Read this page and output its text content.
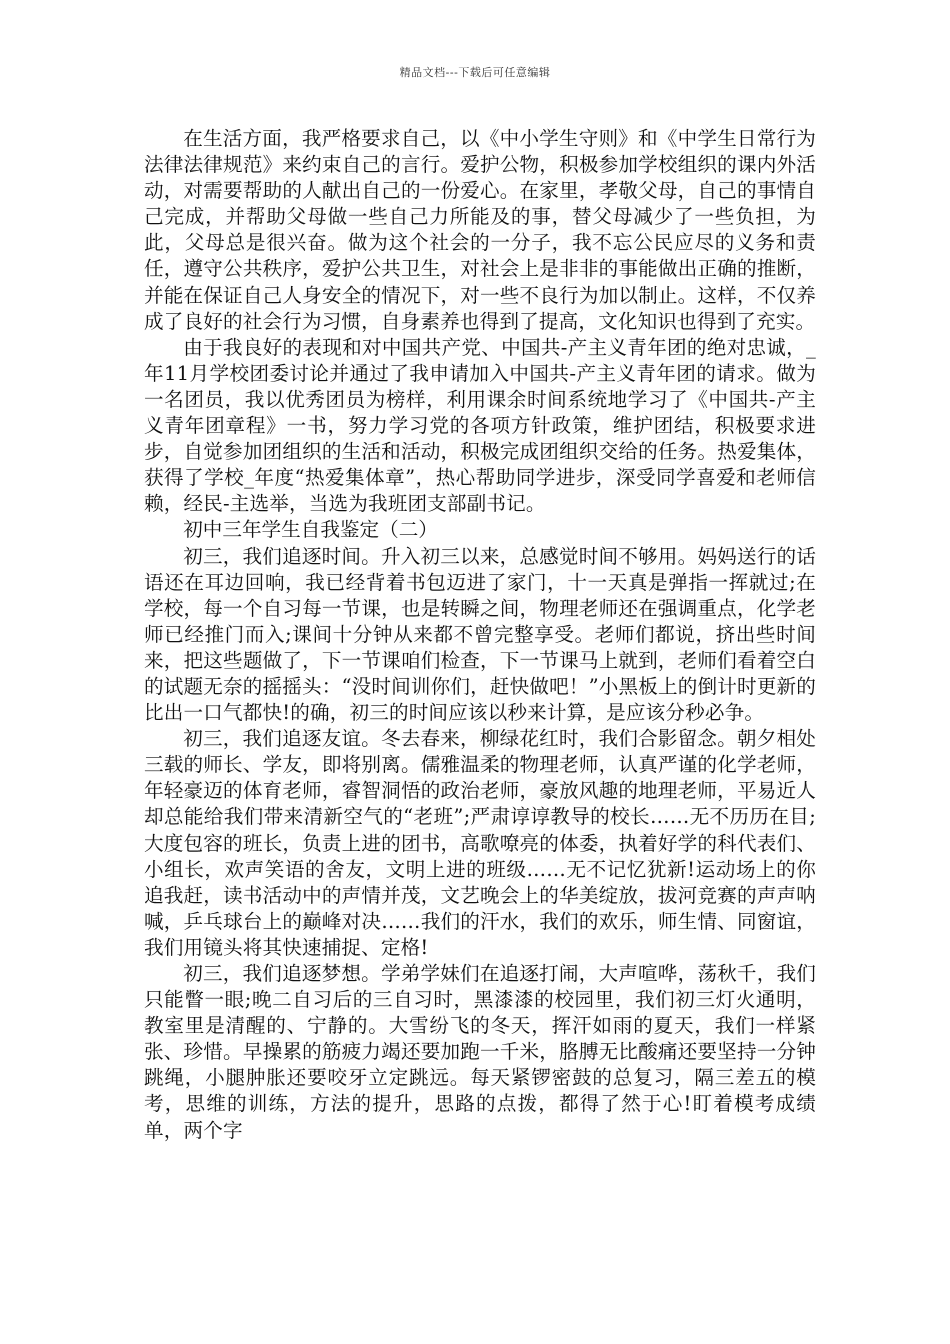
精品文档---下载后可任意编辑

在生活方面，我严格要求自己，以《中小学生守则》和《中学生日常行为法律法律规范》来约束自己的言行。爱护公物，积极参加学校组织的课内外活动，对需要帮助的人献出自己的一份爱心。在家里，孝敬父母，自己的事情自己完成，并帮助父母做一些自己力所能及的事，替父母减少了一些负担，为此，父母总是很兴奋。做为这个社会的一分子，我不忘公民应尽的义务和责任，遵守公共秩序，爱护公共卫生，对社会上是非非的事能做出正确的推断，并能在保证自己人身安全的情况下，对一些不良行为加以制止。这样，不仅养成了良好的社会行为习惯，自身素养也得到了提高，文化知识也得到了充实。

由于我良好的表现和对中国共产党、中国共-产主义青年团的绝对忠诚，_年11月学校团委讨论并通过了我申请加入中国共-产主义青年团的请求。做为一名团员，我以优秀团员为榜样，利用课余时间系统地学习了《中国共-产主义青年团章程》一书，努力学习党的各项方针政策，维护团结，积极要求进步，自觉参加团组织的生活和活动，积极完成团组织交给的任务。热爱集体，获得了学校_年度“热爱集体章”，热心帮助同学进步，深受同学喜爱和老师信赖，经民-主选举，当选为我班团支部副书记。

初中三年学生自我鉴定（二）

初三，我们追逐时间。升入初三以来，总感觉时间不够用。妈妈送行的话语还在耳边回响，我已经背着书包迈进了家门，十一天真是弹指一挥就过;在学校，每一个自习每一节课，也是转瞬之间，物理老师还在强调重点，化学老师已经推门而入;课间十分钟从来都不曾完整享受。老师们都说，挤出些时间来，把这些题做了，下一节课咱们检查，下一节课马上就到，老师们看着空白的试题无奈的摇摇头：“没时间训你们，赶快做吧！”小黑板上的倒计时更新的比出一口气都快!的确，初三的时间应该以秒来计算，是应该分秒必争。

初三，我们追逐友谊。冬去春来，柳绿花红时，我们合影留念。朝夕相处三载的师长、学友，即将别离。儒雅温柔的物理老师，认真严谨的化学老师，年轻豪迈的体育老师，睿智洞悟的政治老师，豪放风趣的地理老师，平易近人却总能给我们带来清新空气的“老班”;严肃谆谆教导的校长……无不历历在目;大度包容的班长，负责上进的团书，高歌嘹亮的体委，执着好学的科代表们、小组长，欢声笑语的舍友，文明上进的班级……无不记忆犹新!运动场上的你追我赶，读书活动中的声情并茂，文艺晚会上的华美绽放，拔河竞赛的声声呐喊，乒乓球台上的巅峰对决……我们的汗水，我们的欢乐，师生情、同窗谊，我们用镜头将其快速捕捉、定格!

初三，我们追逐梦想。学弟学妹们在追逐打闹，大声喧哗，荡秋千，我们只能瞥一眼;晚二自习后的三自习时，黑漆漆的校园里，我们初三灯火通明，教室里是清醒的、宁静的。大雪纷飞的冬天，挥汗如雨的夏天，我们一样紧张、珍惜。早操累的筋疲力竭还要加跑一千米，胳膊无比酸痛还要坚持一分钟跳绳，小腿肿胀还要咬牙立定跳远。每天紧锣密鼓的总复习，隔三差五的模考，思维的训练，方法的提升，思路的点拨，都得了然于心!盯着模考成绩单，两个字
